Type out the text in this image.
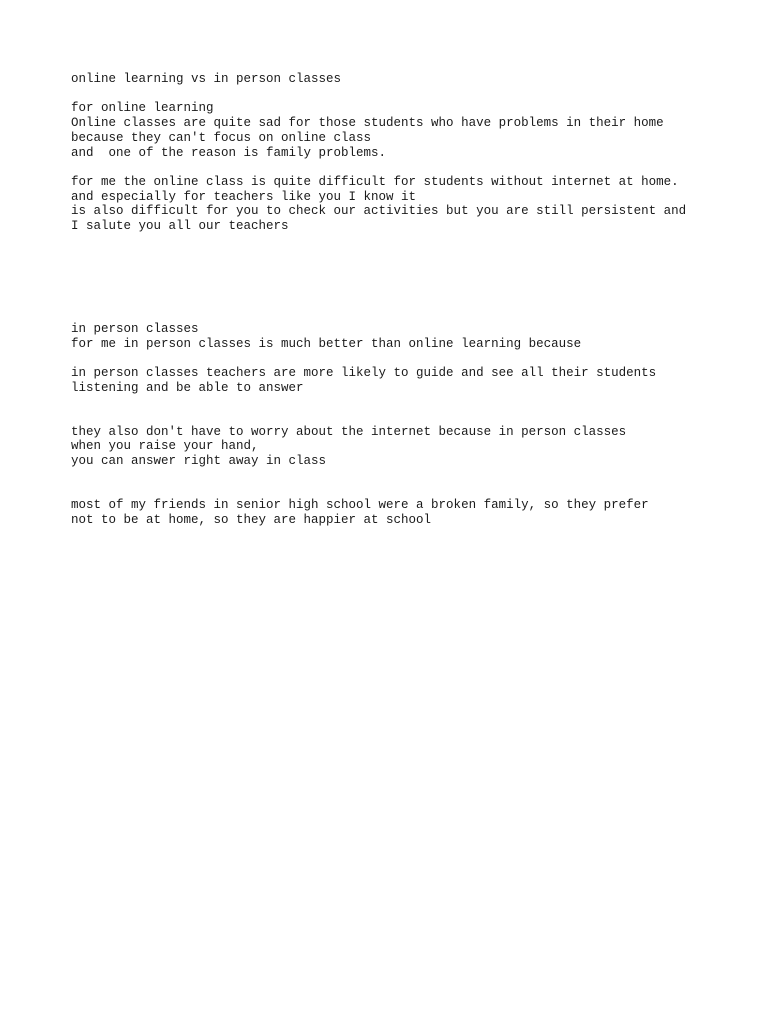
online learning vs in person classes
for online learning
Online classes are quite sad for those students who have problems in their home
because they can't focus on online class
and  one of the reason is family problems.
for me the online class is quite difficult for students without internet at home.
and especially for teachers like you I know it
is also difficult for you to check our activities but you are still persistent and
I salute you all our teachers
in person classes
for me in person classes is much better than online learning because
in person classes teachers are more likely to guide and see all their students
listening and be able to answer
they also don't have to worry about the internet because in person classes
when you raise your hand,
you can answer right away in class
most of my friends in senior high school were a broken family, so they prefer
not to be at home, so they are happier at school
